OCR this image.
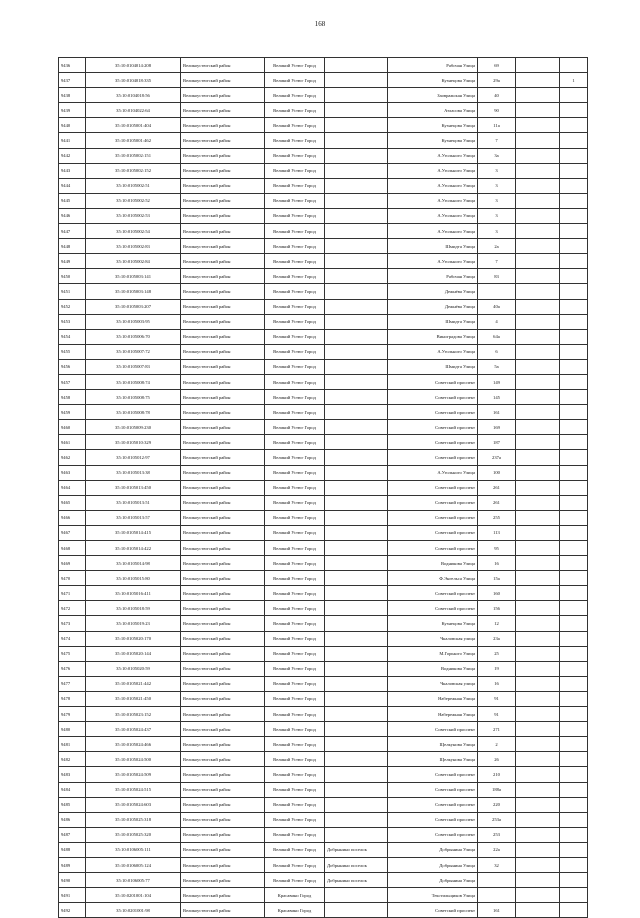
168
9436	35:10:0104014:208	Великоустюгский район	Великий Устюг Город		Рабочая Улица	69		
9437	35:10:0104018:335	Великоустюгский район	Великий Устюг Город		Кузнецова Улица	29а		1
9438	35:10:0104018:56	Великоустюгский район	Великий Устюг Город		Заовражская Улица	40		
9439	35:10:0104022:64	Великоустюгский район	Великий Устюг Город		Атласова Улица	90		
9440	35:10:0105001:404	Великоустюгский район	Великий Устюг Город		Кузнецова Улица	11а		
9441	35:10:0105001:462	Великоустюгский район	Великий Устюг Город		Кузнецова Улица	7		
9442	35:10:0105002:151	Великоустюгский район	Великий Устюг Город		А.Угольного Улица	3а		
9443	35:10:0105002:152	Великоустюгский район	Великий Устюг Город		А.Угольного Улица	3		
9444	35:10:0105002:51	Великоустюгский район	Великий Устюг Город		А.Угольного Улица	3		
9445	35:10:0105002:52	Великоустюгский район	Великий Устюг Город		А.Угольного Улица	3		
9446	35:10:0105002:53	Великоустюгский район	Великий Устюг Город		А.Угольного Улица	3		
9447	35:10:0105002:54	Великоустюгский район	Великий Устюг Город		А.Угольного Улица	3		
9448	35:10:0105002:83	Великоустюгский район	Великий Устюг Город		Шмидта Улица	2а		
9449	35:10:0105002:84	Великоустюгский район	Великий Устюг Город		А.Угольного Улица	7		
9450	35:10:0105003:141	Великоустюгский район	Великий Устюг Город		Рабочая Улица	83		
9451	35:10:0105003:148	Великоустюгский район	Великий Устюг Город		Дежнёва Улица			
9452	35:10:0105003:207	Великоустюгский район	Великий Устюг Город		Дежнёва Улица	40а		
9453	35:10:0105003:95	Великоустюгский район	Великий Устюг Город		Шмидта Улица	4		
9454	35:10:0105006:70	Великоустюгский район	Великий Устюг Город		Виноградова Улица	64а		
9455	35:10:0105007:72	Великоустюгский район	Великий Устюг Город		А.Угольного Улица	6		
9456	35:10:0105007:83	Великоустюгский район	Великий Устюг Город		Шмидта Улица	5а		
9457	35:10:0105008:74	Великоустюгский район	Великий Устюг Город		Советский проспект	149		
9458	35:10:0105008:75	Великоустюгский район	Великий Устюг Город		Советский проспект	145		
9459	35:10:0105008:78	Великоустюгский район	Великий Устюг Город		Советский проспект	161		
9460	35:10:0105009:230	Великоустюгский район	Великий Устюг Город		Советский проспект	169		
9461	35:10:0105010:329	Великоустюгский район	Великий Устюг Город		Советский проспект	187		
9462	35:10:0105012:97	Великоустюгский район	Великий Устюг Город		Советский проспект	237а		
9463	35:10:0105013:38	Великоустюгский район	Великий Устюг Город		А.Угольного Улица	100		
9464	35:10:0105013:450	Великоустюгский район	Великий Устюг Город		Советский проспект	261		
9465	35:10:0105013:51	Великоустюгский район	Великий Устюг Город		Советский проспект	261		
9466	35:10:0105013:57	Великоустюгский район	Великий Устюг Город		Советский проспект	255		
9467	35:10:0105014:415	Великоустюгский район	Великий Устюг Город		Советский проспект	113		
9468	35:10:0105014:422	Великоустюгский район	Великий Устюг Город		Советский проспект	95		
9469	35:10:0105014:98	Великоустюгский район	Великий Устюг Город		Водникова Улица	16		
9470	35:10:0105015:80	Великоустюгский район	Великий Устюг Город		Ф.Энгельса Улица	15а		
9471	35:10:0105016:411	Великоустюгский район	Великий Устюг Город		Советский проспект	160		
9472	35:10:0105018:59	Великоустюгский район	Великий Устюг Город		Советский проспект	156		
9473	35:10:0105019:23	Великоустюгский район	Великий Устюг Город		Кузнецова Улица	12		
9474	35:10:0105020:170	Великоустюгский район	Великий Устюг Город		Чкаловская улица	23а		
9475	35:10:0105020:144	Великоустюгский район	Великий Устюг Город		М.Горького Улица	25		
9476	35:10:0105020:59	Великоустюгский район	Великий Устюг Город		Водникова Улица	19		
9477	35:10:0105021:442	Великоустюгский район	Великий Устюг Город		Чкаловская улица	16		
9478	35:10:0105021:450	Великоустюгский район	Великий Устюг Город		Набережная Улица	91		
9479	35:10:0105023:152	Великоустюгский район	Великий Устюг Город		Набережная Улица	91		
9480	35:10:0105024:437	Великоустюгский район	Великий Устюг Город		Советский проспект	271		
9481	35:10:0105024:466	Великоустюгский район	Великий Устюг Город		Щелкунова Улица	2		
9482	35:10:0105024:500	Великоустюгский район	Великий Устюг Город		Щелкунова Улица	26		
9483	35:10:0105024:509	Великоустюгский район	Великий Устюг Город		Советский проспект	210		
9484	35:10:0105024:515	Великоустюгский район	Великий Устюг Город		Советский проспект	188а		
9485	35:10:0105024:603	Великоустюгский район	Великий Устюг Город		Советский проспект	220		
9486	35:10:0105025:318	Великоустюгский район	Великий Устюг Город		Советский проспект	253а		
9487	35:10:0105025:320	Великоустюгский район	Великий Устюг Город		Советский проспект	253		
9488	35:10:0106005:111	Великоустюгский район	Великий Устюг Город	Добрынино поселок	Добрынина Улица	22а		
9489	35:10:0106005:124	Великоустюгский район	Великий Устюг Город	Добрынино поселок	Добрынина Улица	32		
9490	35:10:0106005:77	Великоустюгский район	Великий Устюг Город	Добрынино поселок	Добрынина Улица			
9491	35:10:0201001:104	Великоустюгский район	Красавино Город		Текстильщиков Улица			
9492	35:10:0201001:98	Великоустюгский район	Красавино Город		Советский проспект	161		
